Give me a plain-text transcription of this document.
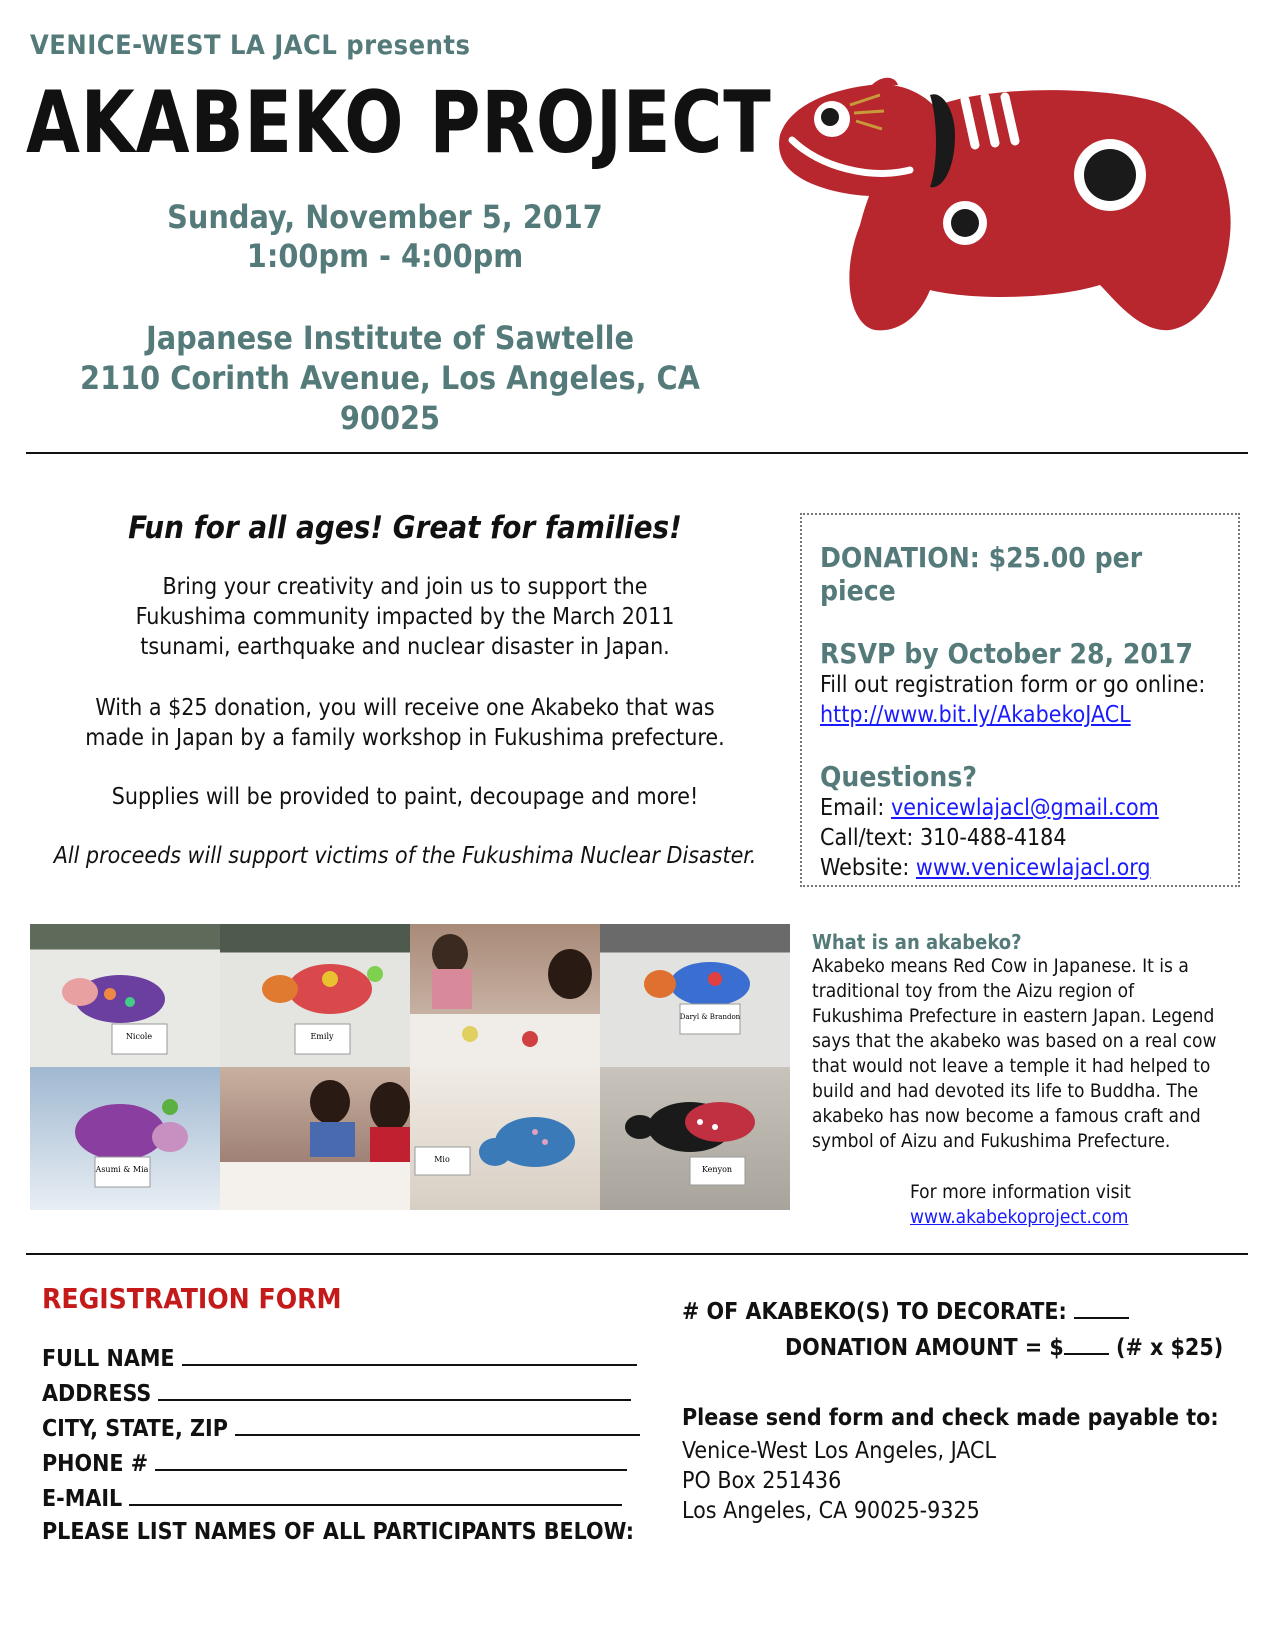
VENICE-WEST LA JACL presents
AKABEKO PROJECT
Sunday, November 5, 2017
1:00pm - 4:00pm
Japanese Institute of Sawtelle
2110 Corinth Avenue, Los Angeles, CA 90025
Fun for all ages! Great for families!
Bring your creativity and join us to support the
Fukushima community impacted by the March 2011
tsunami, earthquake and nuclear disaster in Japan.
With a $25 donation, you will receive one Akabeko that was
made in Japan by a family workshop in Fukushima prefecture.
Supplies will be provided to paint, decoupage and more!
All proceeds will support victims of the Fukushima Nuclear Disaster.
DONATION: $25.00 per piece
RSVP by October 28, 2017
Fill out registration form or go online:
http://www.bit.ly/AkabekoJACL
Questions?
Email: venicewlajacl@gmail.com
Call/text: 310-488-4184
Website: www.venicewlajacl.org
Nicole	Emily
Daryl & Brandon
Asumi & Mia
Mio
Kenyon
What is an akabeko?
Akabeko means Red Cow in Japanese. It is a
traditional toy from the Aizu region of
Fukushima Prefecture in eastern Japan. Legend
says that the akabeko was based on a real cow
that would not leave a temple it had helped to
build and had devoted its life to Buddha. The
akabeko has now become a famous craft and
symbol of Aizu and Fukushima Prefecture.
For more information visit
www.akabekoproject.com
REGISTRATION FORM
FULL NAME
ADDRESS
CITY, STATE, ZIP
PHONE #
E-MAIL
PLEASE LIST NAMES OF ALL PARTICIPANTS BELOW:
# OF AKABEKO(S) TO DECORATE:
DONATION AMOUNT = $ (# x $25)
Please send form and check made payable to:
Venice-West Los Angeles, JACL
PO Box 251436
Los Angeles, CA 90025-9325
